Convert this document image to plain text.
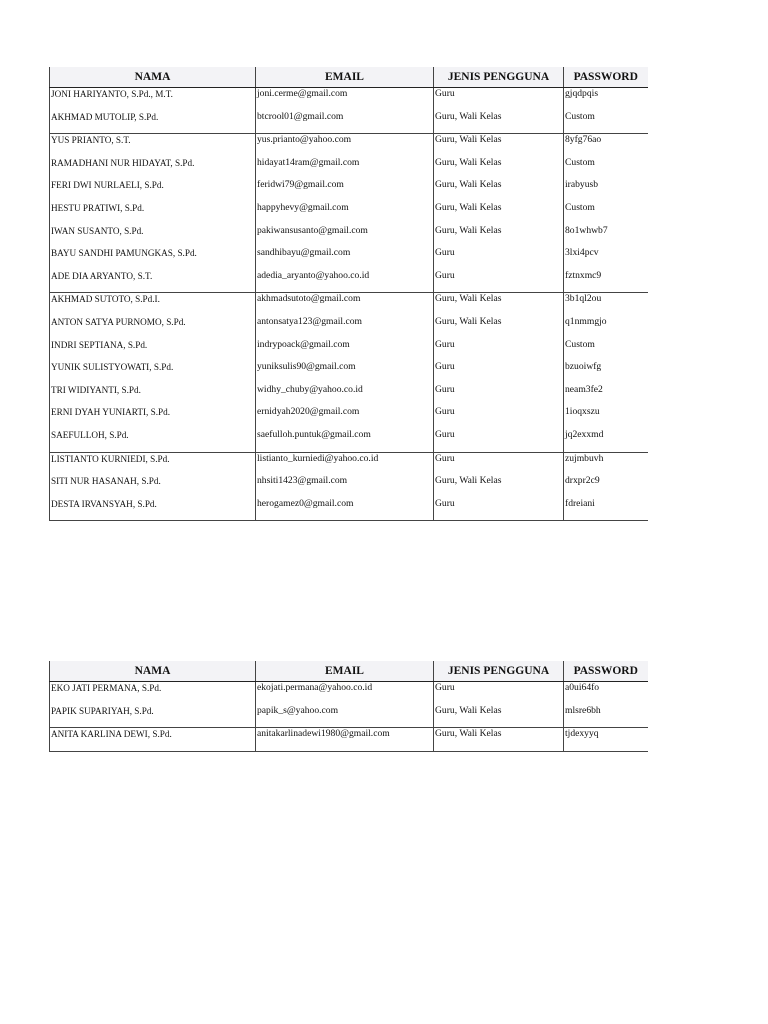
NAMA	EMAIL	JENIS PENGGUNA	PASSWORD
JONI HARIYANTO, S.Pd., M.T.	joni.cerme@gmail.com	Guru	gjqdpqis
AKHMAD MUTOLIP, S.Pd.	btcrool01@gmail.com	Guru, Wali Kelas	Custom
YUS PRIANTO, S.T.	yus.prianto@yahoo.com	Guru, Wali Kelas	8yfg76ao
RAMADHANI NUR HIDAYAT, S.Pd.	hidayat14ram@gmail.com	Guru, Wali Kelas	Custom
FERI DWI NURLAELI, S.Pd.	feridwi79@gmail.com	Guru, Wali Kelas	irabyusb
HESTU PRATIWI, S.Pd.	happyhevy@gmail.com	Guru, Wali Kelas	Custom
IWAN SUSANTO, S.Pd.	pakiwansusanto@gmail.com	Guru, Wali Kelas	8o1whwb7
BAYU SANDHI PAMUNGKAS, S.Pd.	sandhibayu@gmail.com	Guru	3lxi4pcv
ADE DIA ARYANTO, S.T.	adedia_aryanto@yahoo.co.id	Guru	fztnxmc9
AKHMAD SUTOTO, S.Pd.I.	akhmadsutoto@gmail.com	Guru, Wali Kelas	3b1ql2ou
ANTON SATYA PURNOMO, S.Pd.	antonsatya123@gmail.com	Guru, Wali Kelas	q1nmmgjo
INDRI SEPTIANA, S.Pd.	indrypoack@gmail.com	Guru	Custom
YUNIK SULISTYOWATI, S.Pd.	yuniksulis90@gmail.com	Guru	bzuoiwfg
TRI WIDIYANTI, S.Pd.	widhy_chuby@yahoo.co.id	Guru	neam3fe2
ERNI DYAH YUNIARTI, S.Pd.	ernidyah2020@gmail.com	Guru	1ioqxszu
SAEFULLOH, S.Pd.	saefulloh.puntuk@gmail.com	Guru	jq2exxmd
LISTIANTO KURNIEDI, S.Pd.	listianto_kurniedi@yahoo.co.id	Guru	zujmbuvh
SITI NUR HASANAH, S.Pd.	nhsiti1423@gmail.com	Guru, Wali Kelas	drxpr2c9
DESTA IRVANSYAH, S.Pd.	herogamez0@gmail.com	Guru	fdreiani
NAMA	EMAIL	JENIS PENGGUNA	PASSWORD
EKO JATI PERMANA, S.Pd.	ekojati.permana@yahoo.co.id	Guru	a0ui64fo
PAPIK SUPARIYAH, S.Pd.	papik_s@yahoo.com	Guru, Wali Kelas	mlsre6bh
ANITA KARLINA DEWI, S.Pd.	anitakarlinadewi1980@gmail.com	Guru, Wali Kelas	tjdexyyq
